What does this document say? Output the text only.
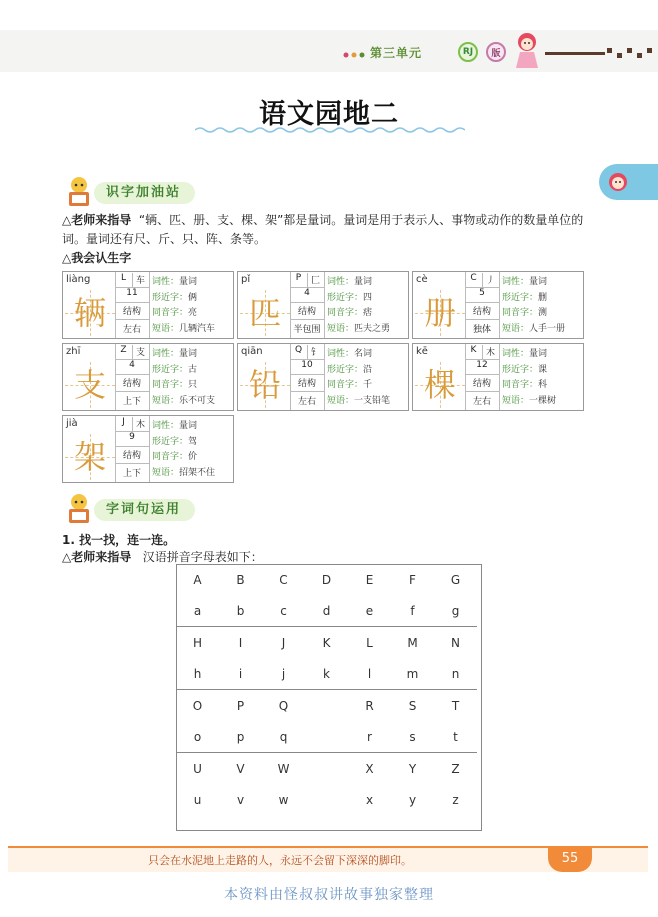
第三单元	RJ	版
语文园地二
识字加油站
△老师来指导 “辆、匹、册、支、棵、架”都是量词。量词是用于表示人、事物或动作的数量单位的词。量词还有尺、斤、只、阵、条等。
△我会认生字
liàng
辆
L	车
11
结构
左右
词性：量词
形近字：俩
同音字：亮
短语：几辆汽车
pǐ
匹
P	匚
4
结构
半包围
词性：量词
形近字：四
同音字：痞
短语：匹夫之勇
cè
册
C	丿
5
结构
独体
词性：量词
形近字：删
同音字：测
短语：人手一册
zhī
支
Z	支
4
结构
上下
词性：量词
形近字：古
同音字：只
短语：乐不可支
qiān
铅
Q 钅
10
结构
左右
词性：名词
形近字：沿
同音字：千
短语：一支铅笔
kē
棵
K	木
12
结构
左右
词性：量词
形近字：课
同音字：科
短语：一棵树
jià
架
J	木
9
结构
上下
词性：量词
形近字：驾
同音字：价
短语：招架不住
字词句运用
1. 找一找，连一连。
△老师来指导 汉语拼音字母表如下：
A	B	C	D	E	F	G
a	b	c	d	e	f	g
H	I	J	K	L	M	N
h	i	j	k	l	m	n
O	P	Q		R	S	T
o	p	q		r	s	t
U	V	W		X	Y	Z
u	v	w		x	y	z
只会在水泥地上走路的人，永远不会留下深深的脚印。	55
本资料由怪叔叔讲故事独家整理
